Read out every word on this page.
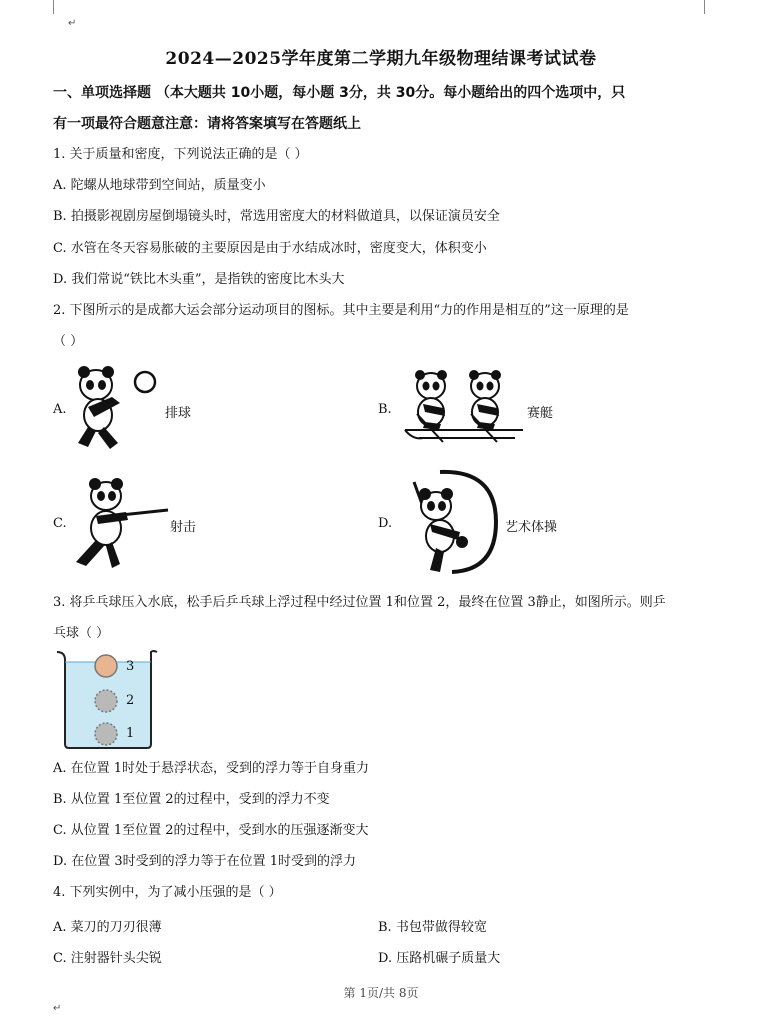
↵
2024—2025学年度第二学期九年级物理结课考试试卷
一、单项选择题 （本大题共 10小题，每小题 3分，共 30分。每小题给出的四个选项中，只
有一项最符合题意注意：请将答案填写在答题纸上
1. 关于质量和密度，下列说法正确的是（ ）
A. 陀螺从地球带到空间站，质量变小
B. 拍摄影视剧房屋倒塌镜头时，常选用密度大的材料做道具，以保证演员安全
C. 水管在冬天容易胀破的主要原因是由于水结成冰时，密度变大，体积变小
D. 我们常说“铁比木头重”，是指铁的密度比木头大
2. 下图所示的是成都大运会部分运动项目的图标。其中主要是利用“力的作用是相互的”这一原理的是
（ ）
A.	排球	B.	赛艇
C.	射击	D.	艺术体操
3. 将乒乓球压入水底，松手后乒乓球上浮过程中经过位置 1和位置 2，最终在位置 3静止，如图所示。则乒
乓球（ ）
3
2
1
A. 在位置 1时处于悬浮状态，受到的浮力等于自身重力
B. 从位置 1至位置 2的过程中，受到的浮力不变
C. 从位置 1至位置 2的过程中，受到水的压强逐渐变大
D. 在位置 3时受到的浮力等于在位置 1时受到的浮力
4. 下列实例中，为了减小压强的是（ ）
A. 菜刀的刀刃很薄	B. 书包带做得较宽
C. 注射器针头尖锐	D. 压路机碾子质量大
第 1页/共 8页
↵
